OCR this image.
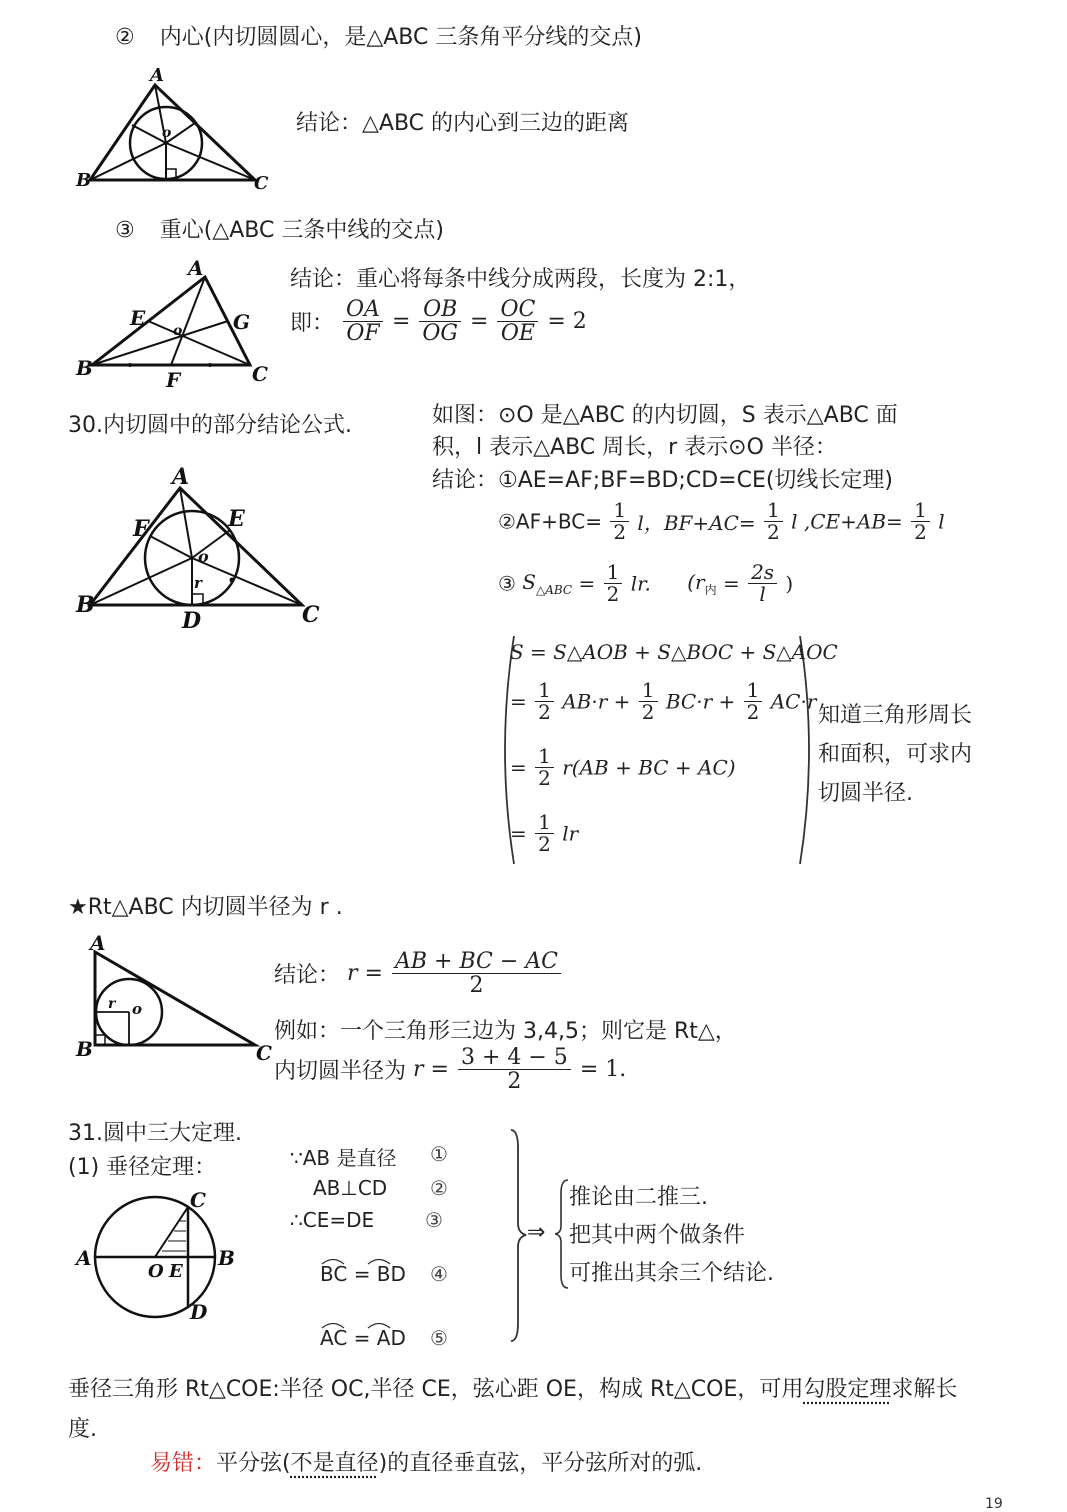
② 内心(内切圆圆心，是△ABC 三条角平分线的交点)
A
B	C
o	结论：△ABC 的内心到三边的距离
③ 重心(△ABC 三条中线的交点)
A
B	C
E
F
G
o
结论：重心将每条中线分成两段，长度为 2:1，
即： $\frac{OA}{OF} = \frac{OB}{OG} = \frac{OC}{OE} = 2$
30.内切圆中的部分结论公式.
A
B	C
D
E
F
o
r
如图：⊙O 是△ABC 的内切圆，S 表示△ABC 面
积，l 表示△ABC 周长，r 表示⊙O 半径：
结论：①AE=AF;BF=BD;CD=CE(切线长定理)
②AF+BC= $\frac{1}{2}$ l，$BF+AC= \frac{1}{2}$ l $,CE+AB= \frac{1}{2}$ l
③ $S_{\triangle ABC} = \frac{1}{2}$ lr. ($r_内 = \frac{2s}{l}$ )
S = S△AOB + S△BOC + S△AOC
= $\frac{1}{2} AB\cdot r + \frac{1}{2} BC\cdot r + \frac{1}{2} AC\cdot r$
= $\frac{1}{2} r(AB$ + BC + AC)
= $\frac{1}{2}$ lr
知道三角形周长
和面积，可求内
切圆半径.
★Rt△ABC 内切圆半径为 r .
A
B	C
o
r
结论： $r = \frac{AB + BC - AC}{2}$
例如：一个三角形三边为 3,4,5；则它是 Rt△，
内切圆半径为 $r = \frac{3 + 4 - 5}{2} = 1$.
31.圆中三大定理.
(1) 垂径定理：
A	B
C
D
E
O
∵AB 是直径 ①
AB⊥CD ②
∴CE=DE	③
BC = BD ④
AC = AD ⑤
⇒
推论由二推三.
把其中两个做条件
可推出其余三个结论.
垂径三角形 Rt△COE:半径 OC,半径 CE，弦心距 OE，构成 Rt△COE，可用勾股定理求解长
度.
易错：平分弦(不是直径)的直径垂直弦，平分弦所对的弧.
19
